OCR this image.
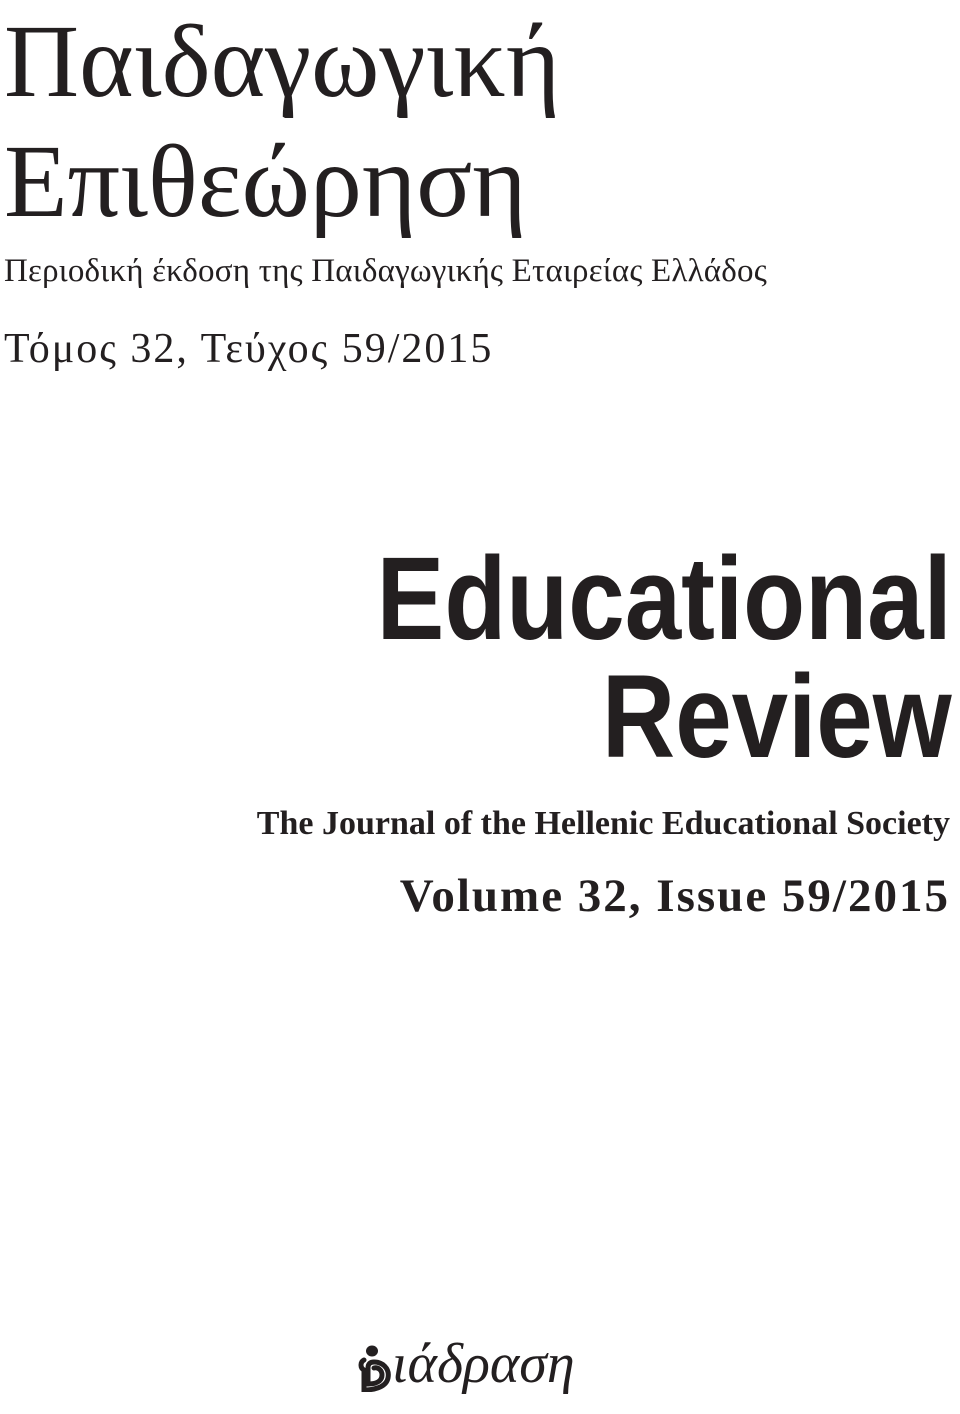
Παιδαγωγική
Επιθεώρηση
Περιοδική έκδοση της Παιδαγωγικής Εταιρείας Ελλάδος
Τόμος 32, Τεύχος 59/2015
Educational
Review
The Journal of the Hellenic Educational Society
Volume 32, Issue 59/2015
ιάδραση
